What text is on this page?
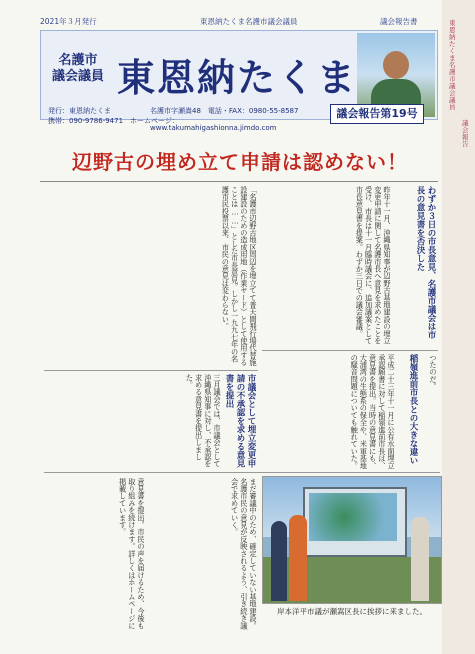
東恩納たくま名護市議会議員
議会報告
2021年３月発行	東恩納たくま名護市議会議員	議会報告書
名護市
議会議員 東恩納たくま
発行：東恩納たくま	名護市字瀬嵩48　電話・FAX：0980-55-8587
携帯：090-9786-9471　ホームページ：
www.takumahigashionna.jimdo.com
議会報告第19号
辺野古の埋め立て申請は認めない！
わずか３日の市長意見、名護市議会は市長の意見書を否決した
昨年十一月、沖縄県知事が辺野古基地建設の埋立変更申請に関して名護市長へ意見を求めたことを受け、市長は十一月臨時議会に、追加議案として市長意見書を提案。わずか三日での議会審議。
「名護市辺野古地区周辺を埋立てて普天間飛行場代替施設建設のための造成用地（作業ヤード）として使用することは……」とした市長意見。しかし一九九七年の名護市民投票以来、市民の意見は変わらない。
つたのだ。
稲嶺進前市長との大きな違い
平成二十三年十一月に公有水面埋立承認願書に対して稲嶺進前市長は、意見書を提出。当時の意見書にも、大浦湾の生態系の保全や、米軍基地の騒音問題についても触れていた。
市議会として埋立変更申請の不承認を求める意見書を提出
三月議会では、市議会として沖縄県知事に対し、不承認を求める意見書を提出しました。
まだ審議中のため、確定していない基地建設。名護市民の意見が反映されるよう、引き続き議会で求めていく。
意見書を提出。市民の声を届けるため、今後も取り組みを続けます。詳しくはホームページに掲載しています。
岸本洋平市議が瀬嵩区長に挨拶に来ました。
